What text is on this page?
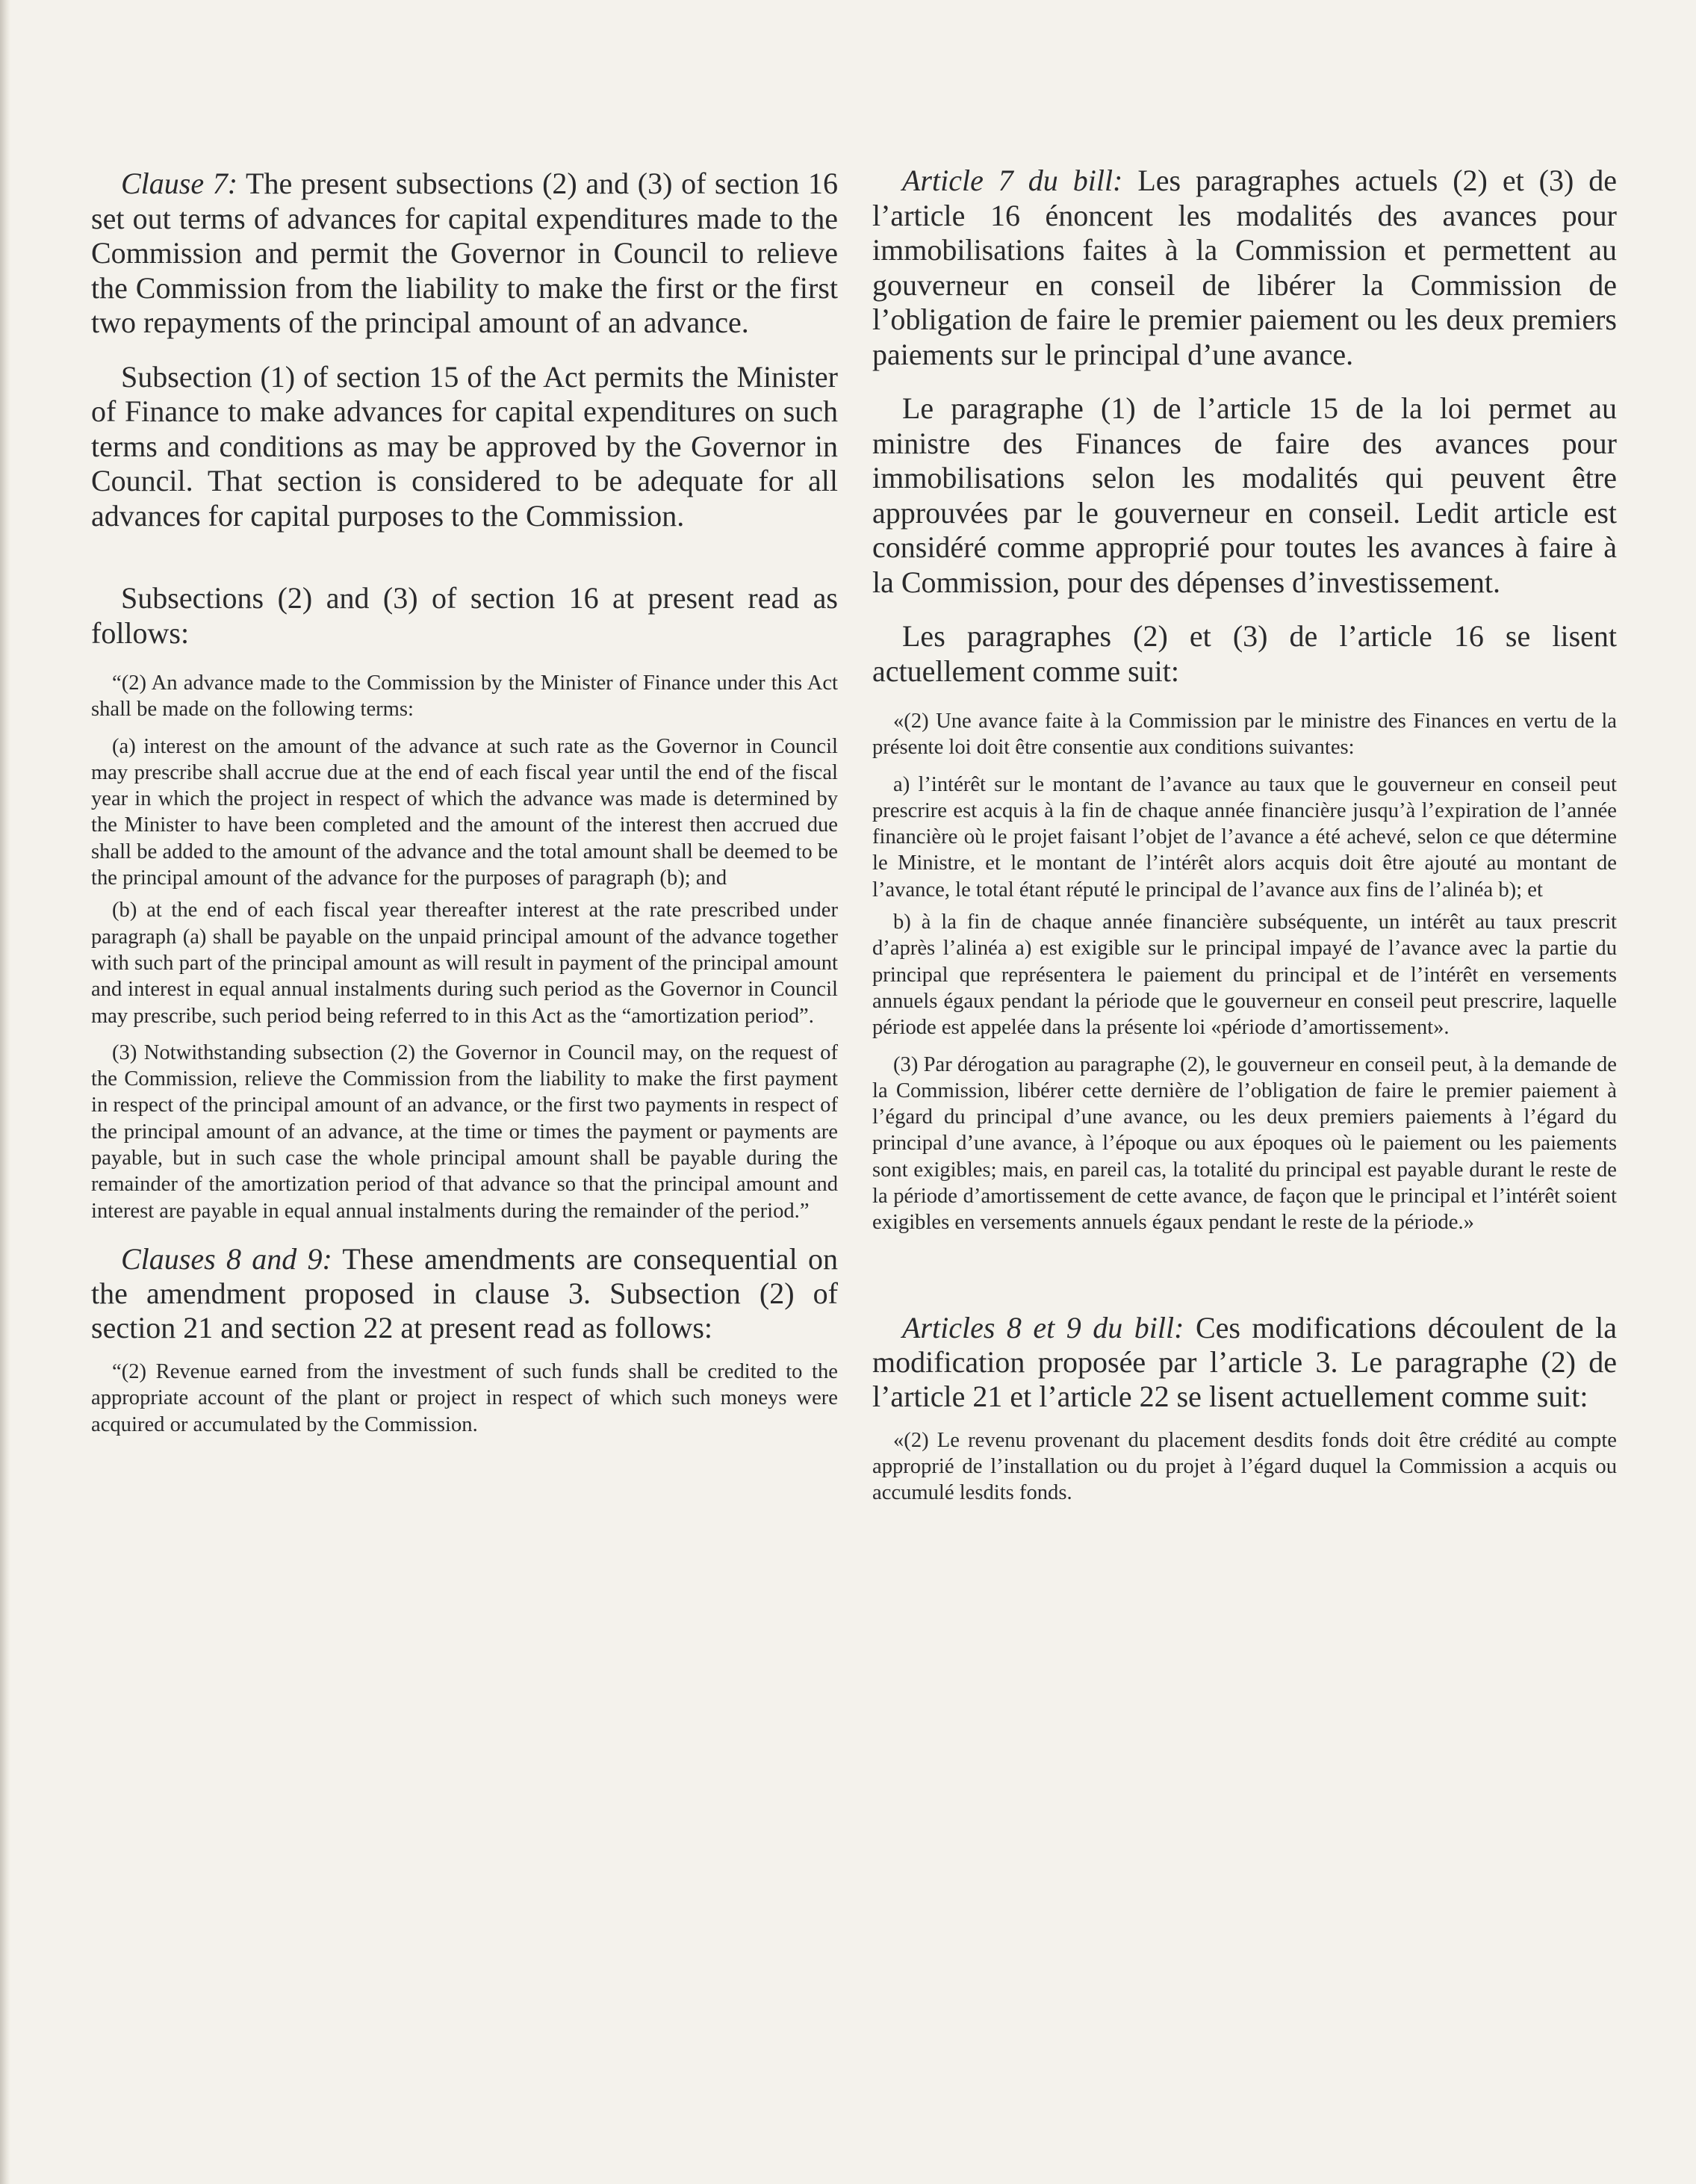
Clause 7: The present subsections (2) and (3) of section 16 set out terms of advances for capital expenditures made to the Commission and permit the Governor in Council to relieve the Commission from the liability to make the first or the first two repayments of the principal amount of an advance.

Subsection (1) of section 15 of the Act permits the Minister of Finance to make advances for capital expenditures on such terms and conditions as may be approved by the Governor in Council. That section is considered to be adequate for all advances for capital purposes to the Commission.

Subsections (2) and (3) of section 16 at present read as follows:

“(2) An advance made to the Commission by the Minister of Finance under this Act shall be made on the following terms:

(a) interest on the amount of the advance at such rate as the Governor in Council may prescribe shall accrue due at the end of each fiscal year until the end of the fiscal year in which the project in respect of which the advance was made is determined by the Minister to have been completed and the amount of the interest then accrued due shall be added to the amount of the advance and the total amount shall be deemed to be the principal amount of the advance for the purposes of paragraph (b); and

(b) at the end of each fiscal year thereafter interest at the rate prescribed under paragraph (a) shall be payable on the unpaid principal amount of the advance together with such part of the principal amount as will result in payment of the principal amount and interest in equal annual instalments during such period as the Governor in Council may prescribe, such period being referred to in this Act as the “amortization period”.

(3) Notwithstanding subsection (2) the Governor in Council may, on the request of the Commission, relieve the Commission from the liability to make the first payment in respect of the principal amount of an advance, or the first two payments in respect of the principal amount of an advance, at the time or times the payment or payments are payable, but in such case the whole principal amount shall be payable during the remainder of the amortization period of that advance so that the principal amount and interest are payable in equal annual instalments during the remainder of the period.”

Clauses 8 and 9: These amendments are consequential on the amendment proposed in clause 3. Subsection (2) of section 21 and section 22 at present read as follows:

“(2) Revenue earned from the investment of such funds shall be credited to the appropriate account of the plant or project in respect of which such moneys were acquired or accumulated by the Commission.

Article 7 du bill: Les paragraphes actuels (2) et (3) de l’article 16 énoncent les modalités des avances pour immobilisations faites à la Commission et permettent au gouverneur en conseil de libérer la Commission de l’obligation de faire le premier paiement ou les deux premiers paiements sur le principal d’une avance.

Le paragraphe (1) de l’article 15 de la loi permet au ministre des Finances de faire des avances pour immobilisations selon les modalités qui peuvent être approuvées par le gouverneur en conseil. Ledit article est considéré comme approprié pour toutes les avances à faire à la Commission, pour des dépenses d’investissement.

Les paragraphes (2) et (3) de l’article 16 se lisent actuellement comme suit:

«(2) Une avance faite à la Commission par le ministre des Finances en vertu de la présente loi doit être consentie aux conditions suivantes:

a) l’intérêt sur le montant de l’avance au taux que le gouverneur en conseil peut prescrire est acquis à la fin de chaque année financière jusqu’à l’expiration de l’année financière où le projet faisant l’objet de l’avance a été achevé, selon ce que détermine le Ministre, et le montant de l’intérêt alors acquis doit être ajouté au montant de l’avance, le total étant réputé le principal de l’avance aux fins de l’alinéa b); et

b) à la fin de chaque année financière subséquente, un intérêt au taux prescrit d’après l’alinéa a) est exigible sur le principal impayé de l’avance avec la partie du principal que représentera le paiement du principal et de l’intérêt en versements annuels égaux pendant la période que le gouverneur en conseil peut prescrire, laquelle période est appelée dans la présente loi «période d’amortissement».

(3) Par dérogation au paragraphe (2), le gouverneur en conseil peut, à la demande de la Commission, libérer cette dernière de l’obligation de faire le premier paiement à l’égard du principal d’une avance, ou les deux premiers paiements à l’égard du principal d’une avance, à l’époque ou aux époques où le paiement ou les paiements sont exigibles; mais, en pareil cas, la totalité du principal est payable durant le reste de la période d’amortissement de cette avance, de façon que le principal et l’intérêt soient exigibles en versements annuels égaux pendant le reste de la période.»

Articles 8 et 9 du bill: Ces modifications découlent de la modification proposée par l’article 3. Le paragraphe (2) de l’article 21 et l’article 22 se lisent actuellement comme suit:

«(2) Le revenu provenant du placement desdits fonds doit être crédité au compte approprié de l’installation ou du projet à l’égard duquel la Commission a acquis ou accumulé lesdits fonds.
